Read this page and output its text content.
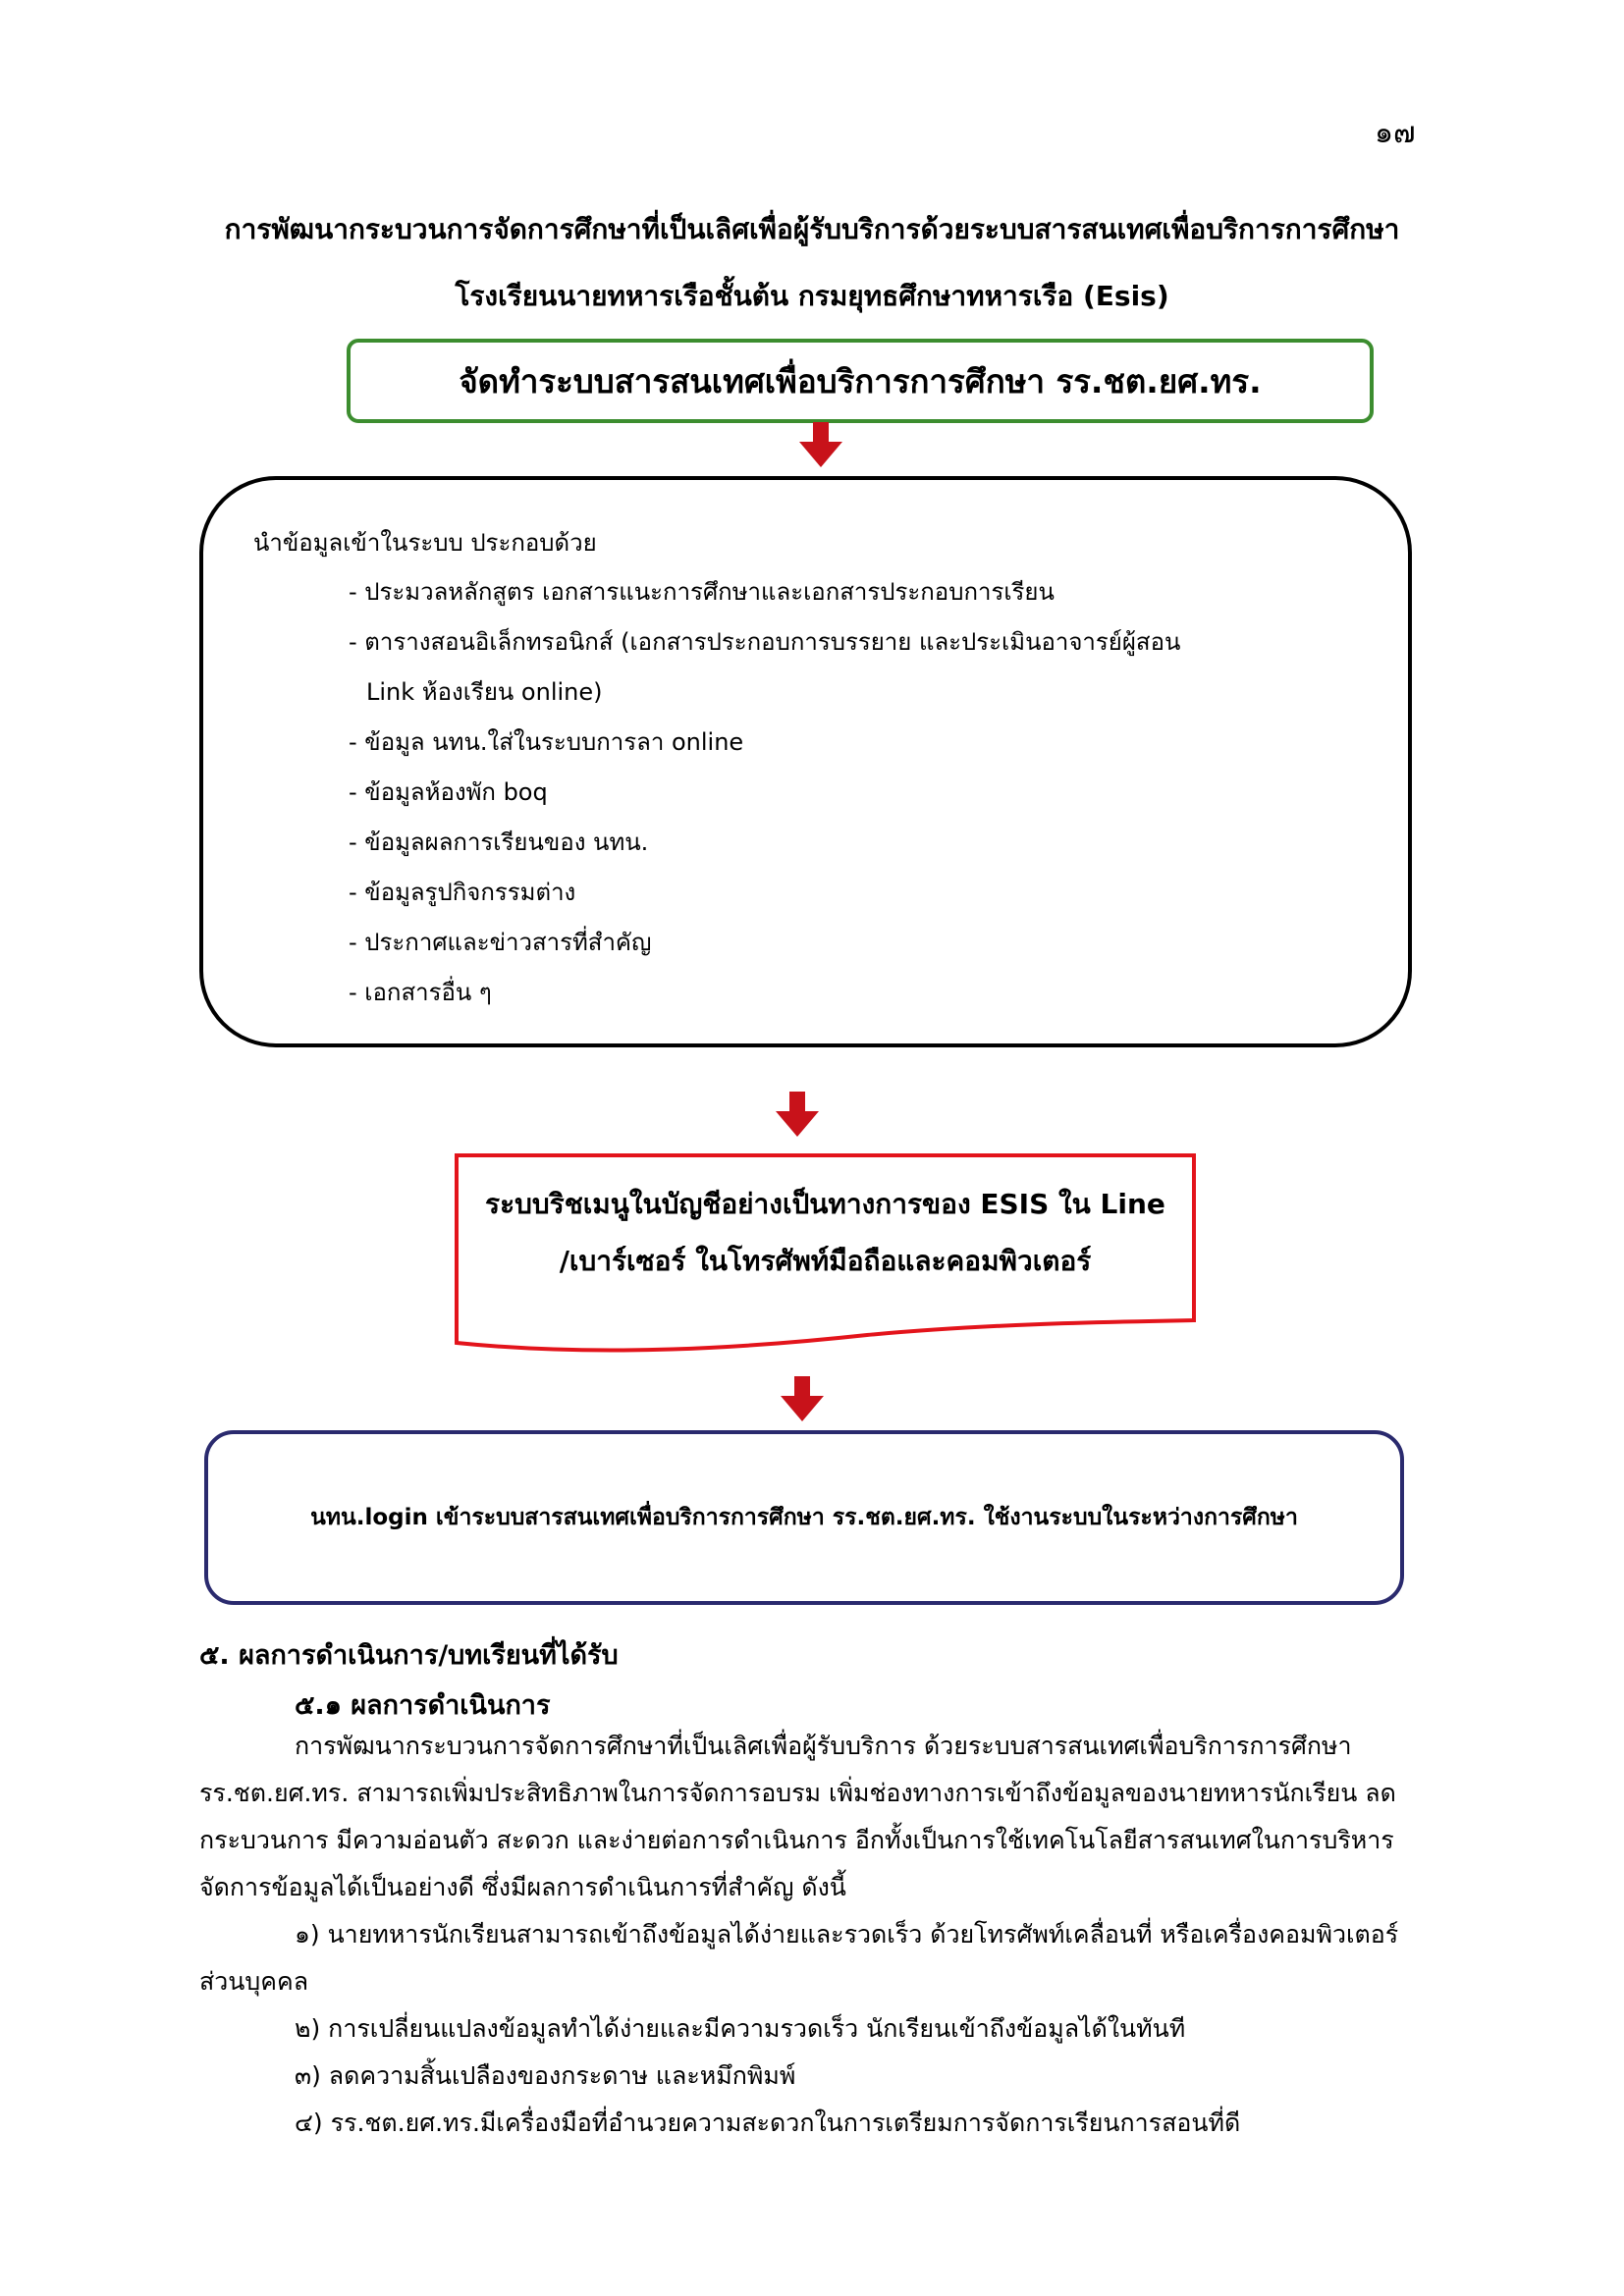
๑๗
การพัฒนากระบวนการจัดการศึกษาที่เป็นเลิศเพื่อผู้รับบริการด้วยระบบสารสนเทศเพื่อบริการการศึกษา
โรงเรียนนายทหารเรือชั้นต้น กรมยุทธศึกษาทหารเรือ (Esis)
จัดทำระบบสารสนเทศเพื่อบริการการศึกษา รร.ชต.ยศ.ทร.
นำข้อมูลเข้าในระบบ ประกอบด้วย
- ประมวลหลักสูตร เอกสารแนะการศึกษาและเอกสารประกอบการเรียน
- ตารางสอนอิเล็กทรอนิกส์ (เอกสารประกอบการบรรยาย และประเมินอาจารย์ผู้สอน
Link ห้องเรียน online)
- ข้อมูล นทน.ใส่ในระบบการลา online
- ข้อมูลห้องพัก boq
- ข้อมูลผลการเรียนของ นทน.
- ข้อมูลรูปกิจกรรมต่าง
- ประกาศและข่าวสารที่สำคัญ
- เอกสารอื่น ๆ
ระบบริชเมนูในบัญชีอย่างเป็นทางการของ ESIS ใน Line
/เบาร์เซอร์ ในโทรศัพท์มือถือและคอมพิวเตอร์
นทน.login เข้าระบบสารสนเทศเพื่อบริการการศึกษา รร.ชต.ยศ.ทร. ใช้งานระบบในระหว่างการศึกษา
๕. ผลการดำเนินการ/บทเรียนที่ได้รับ
๕.๑ ผลการดำเนินการ

การพัฒนากระบวนการจัดการศึกษาที่เป็นเลิศเพื่อผู้รับบริการ ด้วยระบบสารสนเทศเพื่อบริการการศึกษา รร.ชต.ยศ.ทร. สามารถเพิ่มประสิทธิภาพในการจัดการอบรม เพิ่มช่องทางการเข้าถึงข้อมูลของนายทหารนักเรียน ลดกระบวนการ มีความอ่อนตัว สะดวก และง่ายต่อการดำเนินการ อีกทั้งเป็นการใช้เทคโนโลยีสารสนเทศในการบริหารจัดการข้อมูลได้เป็นอย่างดี ซึ่งมีผลการดำเนินการที่สำคัญ ดังนี้

๑) นายทหารนักเรียนสามารถเข้าถึงข้อมูลได้ง่ายและรวดเร็ว ด้วยโทรศัพท์เคลื่อนที่ หรือเครื่องคอมพิวเตอร์ส่วนบุคคล
๒) การเปลี่ยนแปลงข้อมูลทำได้ง่ายและมีความรวดเร็ว นักเรียนเข้าถึงข้อมูลได้ในทันที
๓) ลดความสิ้นเปลืองของกระดาษ และหมึกพิมพ์
๔) รร.ชต.ยศ.ทร.มีเครื่องมือที่อำนวยความสะดวกในการเตรียมการจัดการเรียนการสอนที่ดี
